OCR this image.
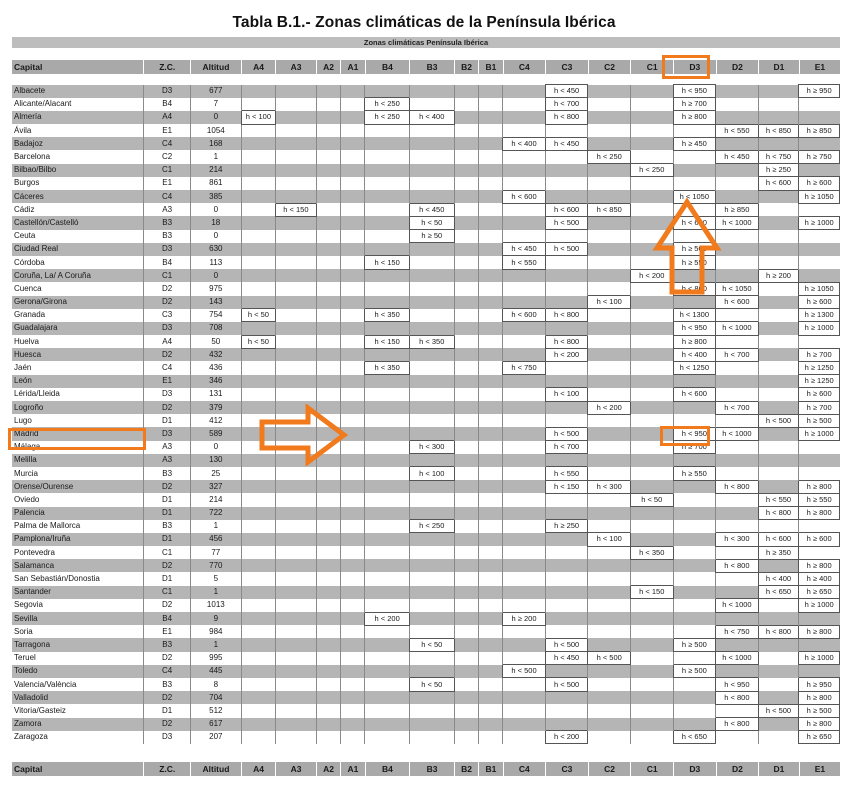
Tabla B.1.- Zonas climáticas de la Península Ibérica
Zonas climáticas Península Ibérica
Capital	Z.C.	Altitud	A4	A3	A2	A1	B4	B3	B2	B1	C4	C3	C2	C1	D3	D2	D1	E1
Albacete	D3	677										h < 450			h < 950			h ≥ 950
Alicante/Alacant	B4	7					h < 250					h < 700			h ≥ 700			
Almería	A4	0	h < 100				h < 250	h < 400				h < 800			h ≥ 800			
Ávila	E1	1054														h < 550	h < 850	h ≥ 850
Badajoz	C4	168									h < 400	h < 450			h ≥ 450			
Barcelona	C2	1											h < 250			h < 450	h < 750	h ≥ 750
Bilbao/Bilbo	C1	214												h < 250			h ≥ 250	
Burgos	E1	861															h < 600	h ≥ 600
Cáceres	C4	385									h < 600				h < 1050			h ≥ 1050
Cádiz	A3	0		h < 150				h < 450				h < 600	h < 850			h ≥ 850		
Castellón/Castelló	B3	18						h < 50				h < 500			h < 600	h < 1000		h ≥ 1000
Ceuta	B3	0						h ≥ 50										
Ciudad Real	D3	630									h < 450	h < 500			h ≥ 500			
Córdoba	B4	113					h < 150				h < 550				h ≥ 550			
Coruña, La/ A Coruña	C1	0												h < 200			h ≥ 200	
Cuenca	D2	975													h < 800	h < 1050		h ≥ 1050
Gerona/Girona	D2	143											h < 100			h < 600		h ≥ 600
Granada	C3	754	h < 50				h < 350				h < 600	h < 800			h < 1300			h ≥ 1300
Guadalajara	D3	708													h < 950	h < 1000		h ≥ 1000
Huelva	A4	50	h < 50				h < 150	h < 350				h < 800			h ≥ 800			
Huesca	D2	432										h < 200			h < 400	h < 700		h ≥ 700
Jaén	C4	436					h < 350				h < 750				h < 1250			h ≥ 1250
León	E1	346																h ≥ 1250
Lérida/Lleida	D3	131										h < 100			h < 600			h ≥ 600
Logroño	D2	379											h < 200			h < 700		h ≥ 700
Lugo	D1	412															h < 500	h ≥ 500
Madrid	D3	589										h < 500			h < 950	h < 1000		h ≥ 1000
Málaga	A3	0						h < 300				h < 700			h ≥ 700			
Melilla	A3	130																
Murcia	B3	25						h < 100				h < 550			h ≥ 550			
Orense/Ourense	D2	327										h < 150	h < 300			h < 800		h ≥ 800
Oviedo	D1	214												h < 50			h < 550	h ≥ 550
Palencia	D1	722															h < 800	h ≥ 800
Palma de Mallorca	B3	1						h < 250				h ≥ 250						
Pamplona/Iruña	D1	456											h < 100			h < 300	h < 600	h ≥ 600
Pontevedra	C1	77												h < 350			h ≥ 350	
Salamanca	D2	770														h < 800		h ≥ 800
San Sebastián/Donostia	D1	5															h < 400	h ≥ 400
Santander	C1	1												h < 150			h < 650	h ≥ 650
Segovia	D2	1013														h < 1000		h ≥ 1000
Sevilla	B4	9					h < 200				h ≥ 200							
Soria	E1	984														h < 750	h < 800	h ≥ 800
Tarragona	B3	1						h < 50				h < 500			h ≥ 500			
Teruel	D2	995										h < 450	h < 500			h < 1000		h ≥ 1000
Toledo	C4	445									h < 500				h ≥ 500			
Valencia/València	B3	8						h < 50				h < 500				h < 950		h ≥ 950
Valladolid	D2	704														h < 800		h ≥ 800
Vitoria/Gasteiz	D1	512															h < 500	h ≥ 500
Zamora	D2	617														h < 800		h ≥ 800
Zaragoza	D3	207										h < 200			h < 650			h ≥ 650
Capital	Z.C.	Altitud	A4	A3	A2	A1	B4	B3	B2	B1	C4	C3	C2	C1	D3	D2	D1	E1
